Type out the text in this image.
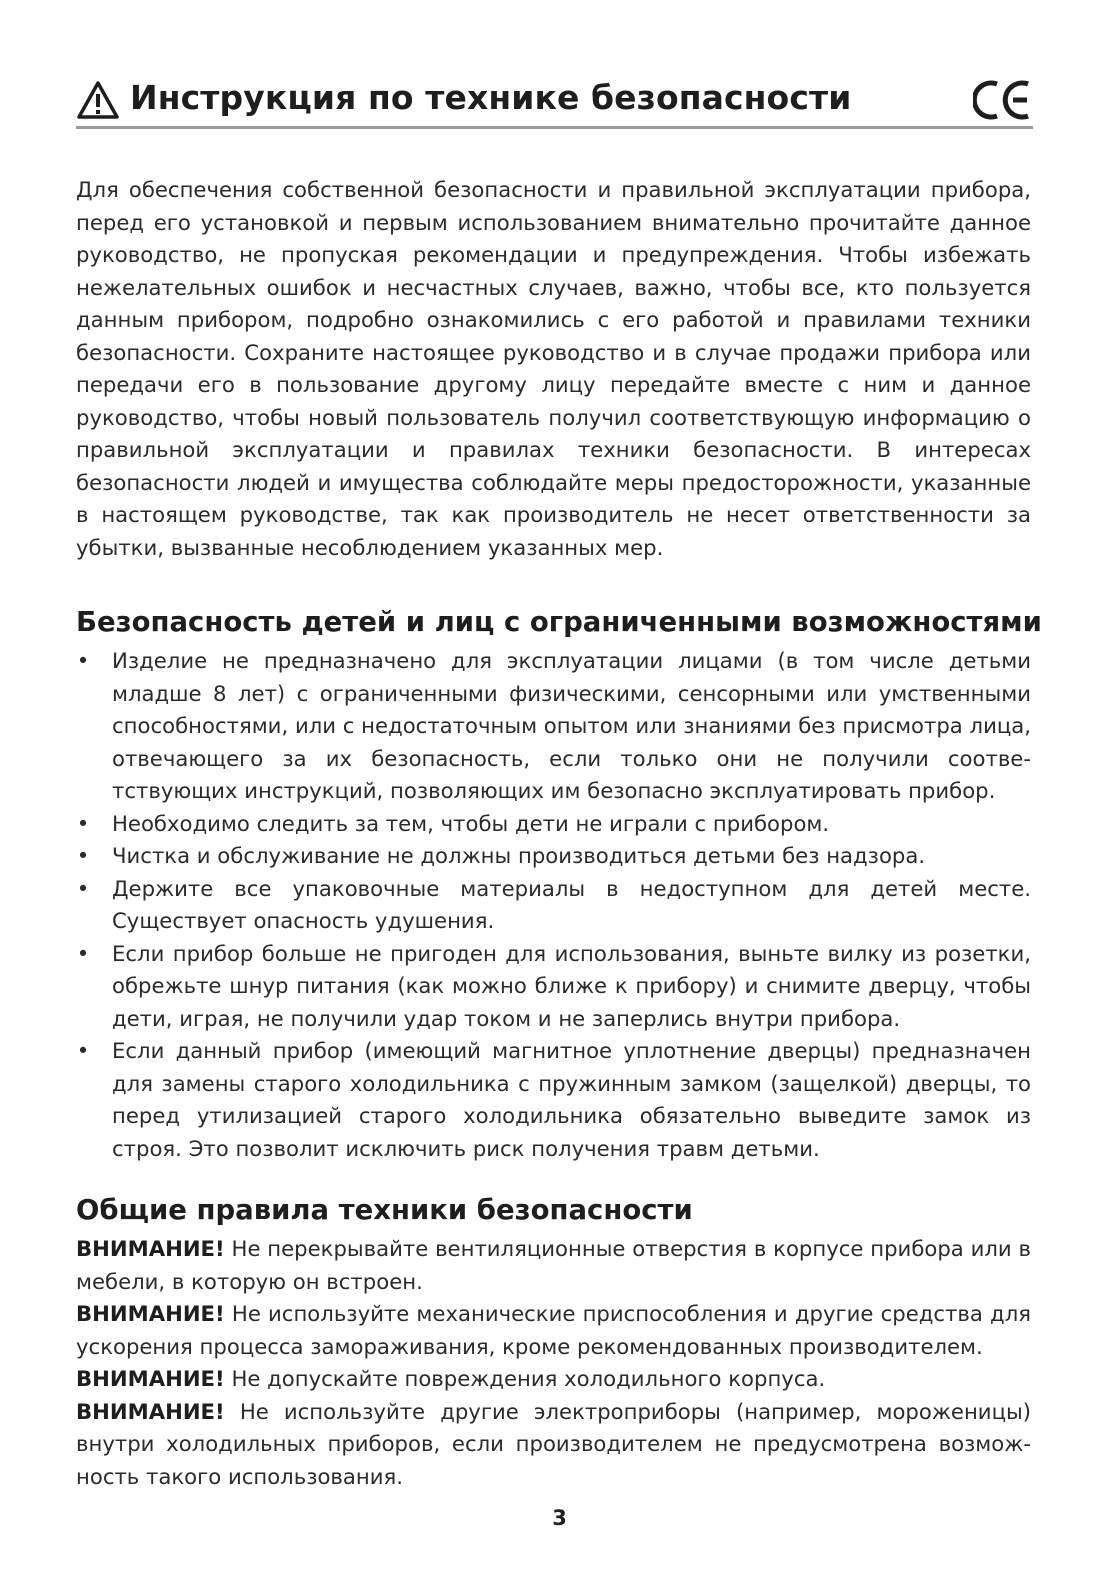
Инструкция по технике безопасности
Для обеспечения собственной безопасности и правильной эксплуатации прибора, перед его установкой и первым использованием внимательно прочитайте данное руководство, не пропуская рекомендации и предупреждения. Чтобы избежать нежелательных ошибок и несчастных случаев, важно, чтобы все, кто пользуется данным прибором, подробно ознакомились с его работой и правилами техники безопасности. Сохраните настоящее руководство и в случае продажи прибора или передачи его в пользование другому лицу передайте вместе с ним и данное руководство, чтобы новый пользователь получил соответствующую информацию о правильной эксплуатации и правилах техники безопасности. В интересах безопасности людей и имущества соблюдайте меры предосторожности, указанные в настоящем руководстве, так как производитель не несет ответственности за убытки, вызванные несоблюдением указанных мер.
Безопасность детей и лиц с ограниченными возможностями
• Изделие не предназначено для эксплуатации лицами (в том числе детьми младше 8 лет) с ограниченными физическими, сенсорными или умственными способностями, или с недостаточным опытом или знаниями без присмотра лица, отвечающего за их безопасность, если только они не получили соотве-тствующих инструкций, позволяющих им безопасно эксплуатировать прибор.
• Необходимо следить за тем, чтобы дети не играли с прибором.
• Чистка и обслуживание не должны производиться детьми без надзора.
• Держите все упаковочные материалы в недоступном для детей месте. Существует опасность удушения.
• Если прибор больше не пригоден для использования, выньте вилку из розетки, обрежьте шнур питания (как можно ближе к прибору) и снимите дверцу, чтобы дети, играя, не получили удар током и не заперлись внутри прибора.
• Если данный прибор (имеющий магнитное уплотнение дверцы) предназначен для замены старого холодильника с пружинным замком (защелкой) дверцы, то перед утилизацией старого холодильника обязательно выведите замок из строя. Это позволит исключить риск получения травм детьми.
Общие правила техники безопасности

ВНИМАНИЕ! Не перекрывайте вентиляционные отверстия в корпусе прибора или в мебели, в которую он встроен.

ВНИМАНИЕ! Не используйте механические приспособления и другие средства для ускорения процесса замораживания, кроме рекомендованных производителем.

ВНИМАНИЕ! Не допускайте повреждения холодильного корпуса.

ВНИМАНИЕ! Не используйте другие электроприборы (например, мороженицы) внутри холодильных приборов, если производителем не предусмотрена возмож-ность такого использования.

3
